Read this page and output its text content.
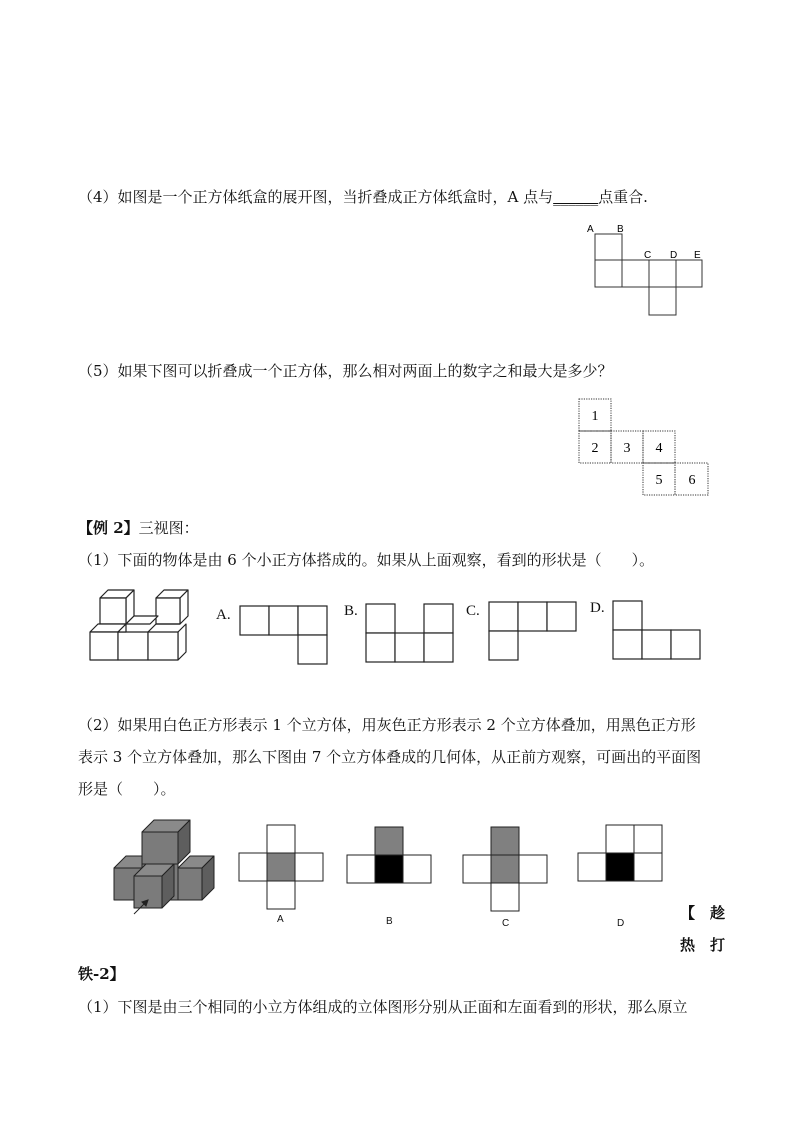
（4）如图是一个正方体纸盒的展开图，当折叠成正方体纸盒时，A 点与______点重合.
A B
C D E
（5）如果下图可以折叠成一个正方体，那么相对两面上的数字之和最大是多少？
1
2 3 4
5 6
【例 2】三视图：
（1）下面的物体是由 6 个小正方体搭成的。如果从上面观察，看到的形状是（　　）。
A.	B.	C.	D.
（2）如果用白色正方形表示 1 个立方体，用灰色正方形表示 2 个立方体叠加，用黑色正方形
表示 3 个立方体叠加，那么下图由 7 个立方体叠成的几何体，从正前方观察，可画出的平面图
形是（　　）。
A	B	C	D
【　趁
热　打
铁-2】
（1）下图是由三个相同的小立方体组成的立体图形分别从正面和左面看到的形状，那么原立
